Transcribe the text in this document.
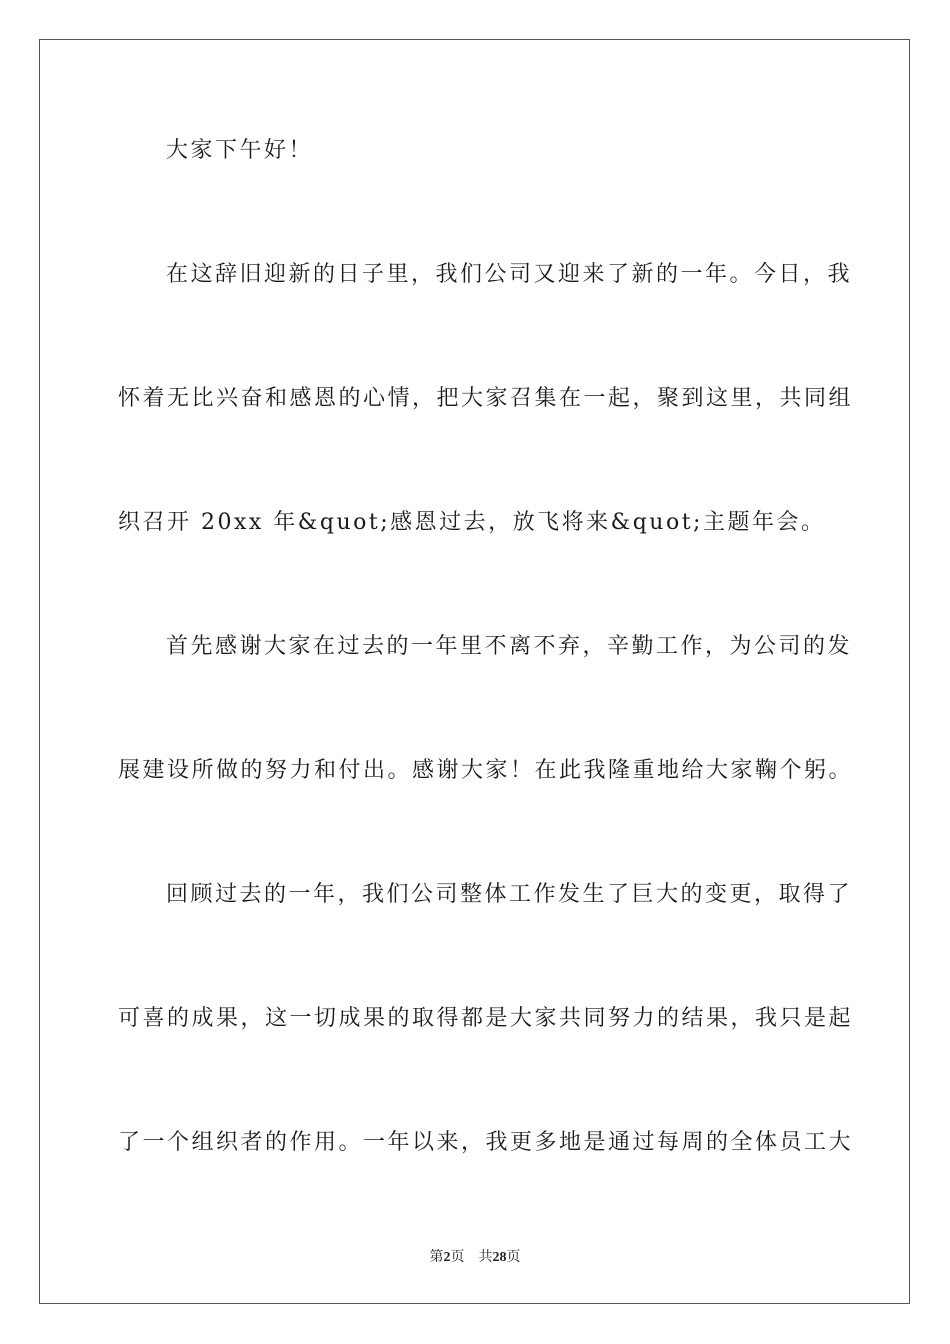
大家下午好！
在这辞旧迎新的日子里，我们公司又迎来了新的一年。今日，我
怀着无比兴奋和感恩的心情，把大家召集在一起，聚到这里，共同组
织召开 20xx 年&quot;感恩过去，放飞将来&quot;主题年会。
首先感谢大家在过去的一年里不离不弃，辛勤工作，为公司的发
展建设所做的努力和付出。感谢大家！在此我隆重地给大家鞠个躬。
回顾过去的一年，我们公司整体工作发生了巨大的变更，取得了
可喜的成果，这一切成果的取得都是大家共同努力的结果，我只是起
了一个组织者的作用。一年以来，我更多地是通过每周的全体员工大
第2页 共28页
